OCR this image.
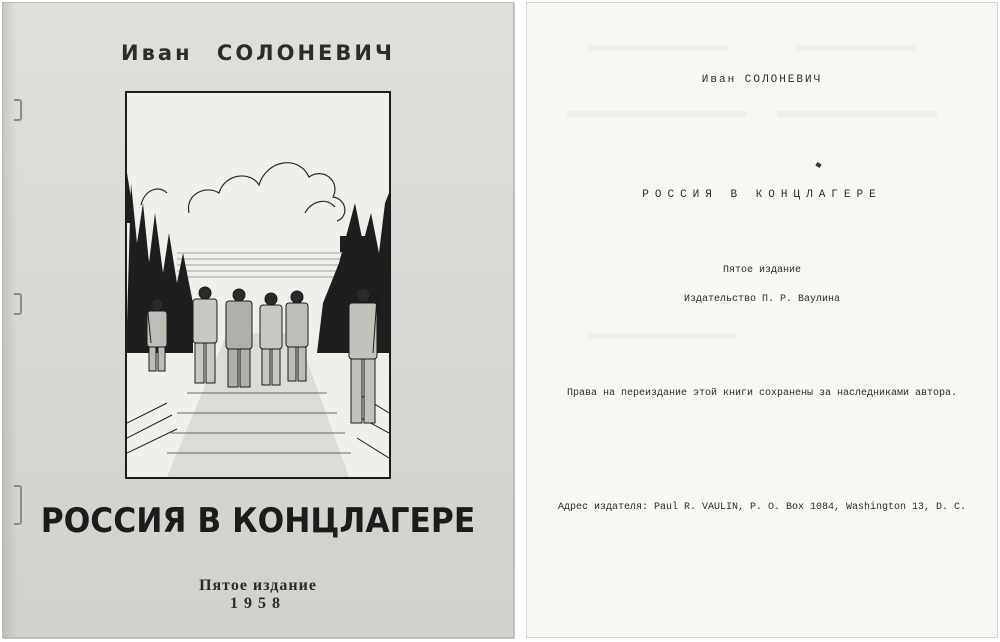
Иван СОЛОНЕВИЧ
РОССИЯ В КОНЦЛАГЕРЕ
Пятое издание
1958
Иван СОЛОНЕВИЧ
РОССИЯ В КОНЦЛАГЕРЕ
Пятое издание
Издательство П. Р. Ваулина
Права на переиздание этой книги сохранены за наследниками автора.
Адрес издателя: Paul R. VAULIN, P. O. Box 1084, Washington 13, D. C.
